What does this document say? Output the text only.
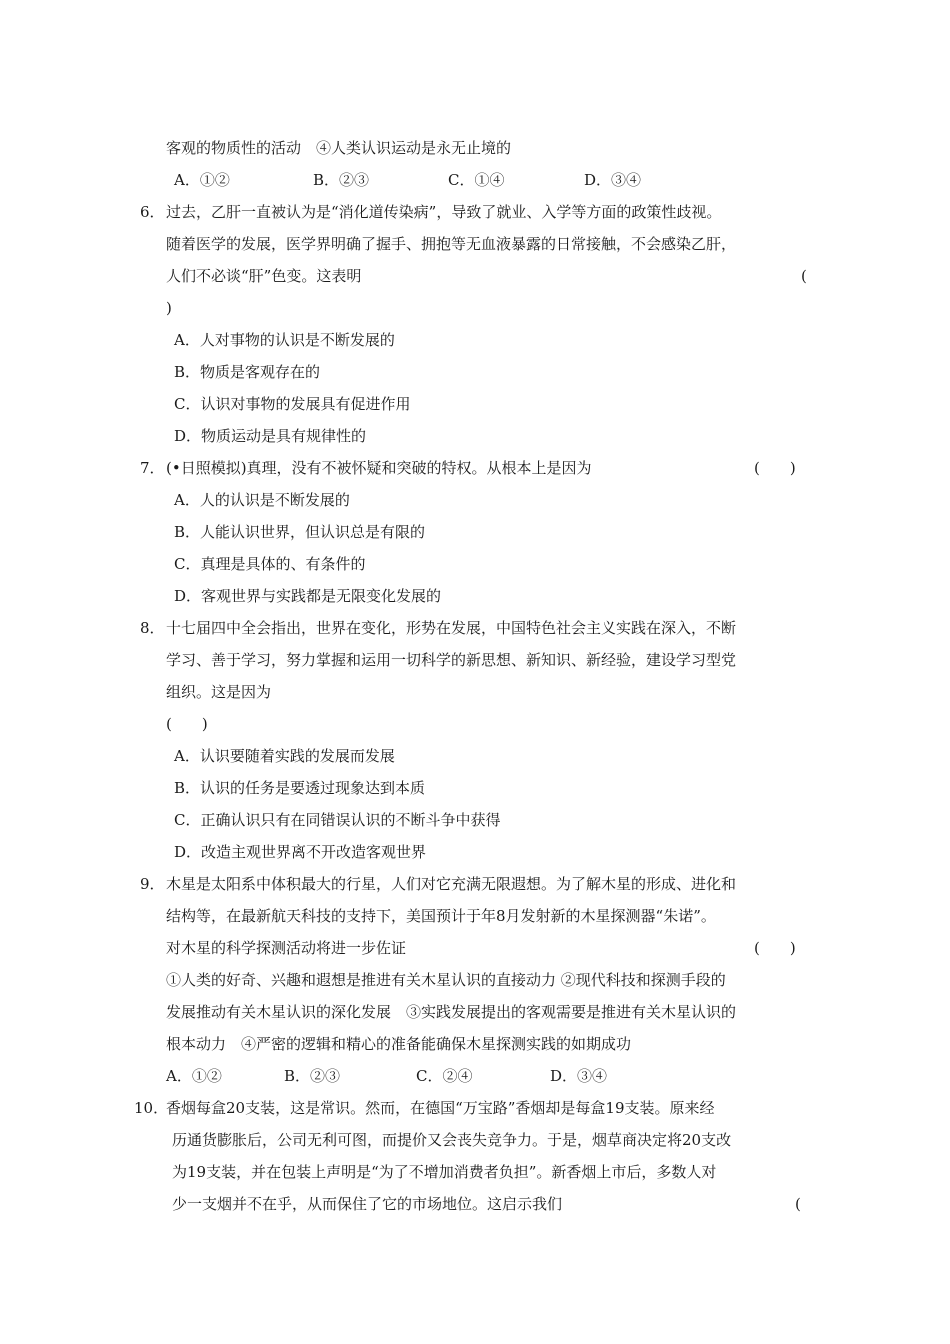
客观的物质性的活动　④人类认识运动是永无止境的
A．①②	B．②③	C．①④	D．③④
6． 过去，乙肝一直被认为是“消化道传染病”，导致了就业、入学等方面的政策性歧视。
随着医学的发展，医学界明确了握手、拥抱等无血液暴露的日常接触，不会感染乙肝，
人们不必谈“肝”色变。这表明	(
)
A．人对事物的认识是不断发展的
B．物质是客观存在的
C．认识对事物的发展具有促进作用
D．物质运动是具有规律性的
7． (•日照模拟)真理，没有不被怀疑和突破的特权。从根本上是因为	(　　)
A．人的认识是不断发展的
B．人能认识世界，但认识总是有限的
C．真理是具体的、有条件的
D．客观世界与实践都是无限变化发展的
8． 十七届四中全会指出，世界在变化，形势在发展，中国特色社会主义实践在深入，不断
学习、善于学习，努力掌握和运用一切科学的新思想、新知识、新经验，建设学习型党
组织。这是因为
(　　)
A．认识要随着实践的发展而发展
B．认识的任务是要透过现象达到本质
C．正确认识只有在同错误认识的不断斗争中获得
D．改造主观世界离不开改造客观世界
9． 木星是太阳系中体积最大的行星，人们对它充满无限遐想。为了解木星的形成、进化和
结构等，在最新航天科技的支持下，美国预计于年8月发射新的木星探测器“朱诺”。
对木星的科学探测活动将进一步佐证	(　　)
①人类的好奇、兴趣和遐想是推进有关木星认识的直接动力 ②现代科技和探测手段的
发展推动有关木星认识的深化发展　③实践发展提出的客观需要是推进有关木星认识的
根本动力　④严密的逻辑和精心的准备能确保木星探测实践的如期成功
A．①②	B．②③	C．②④	D．③④
10．
香烟每盒20支装，这是常识。然而，在德国“万宝路”香烟却是每盒19支装。原来经
历通货膨胀后，公司无利可图，而提价又会丧失竞争力。于是，烟草商决定将20支改
为19支装，并在包装上声明是“为了不增加消费者负担”。新香烟上市后，多数人对
少一支烟并不在乎，从而保住了它的市场地位。这启示我们	(
